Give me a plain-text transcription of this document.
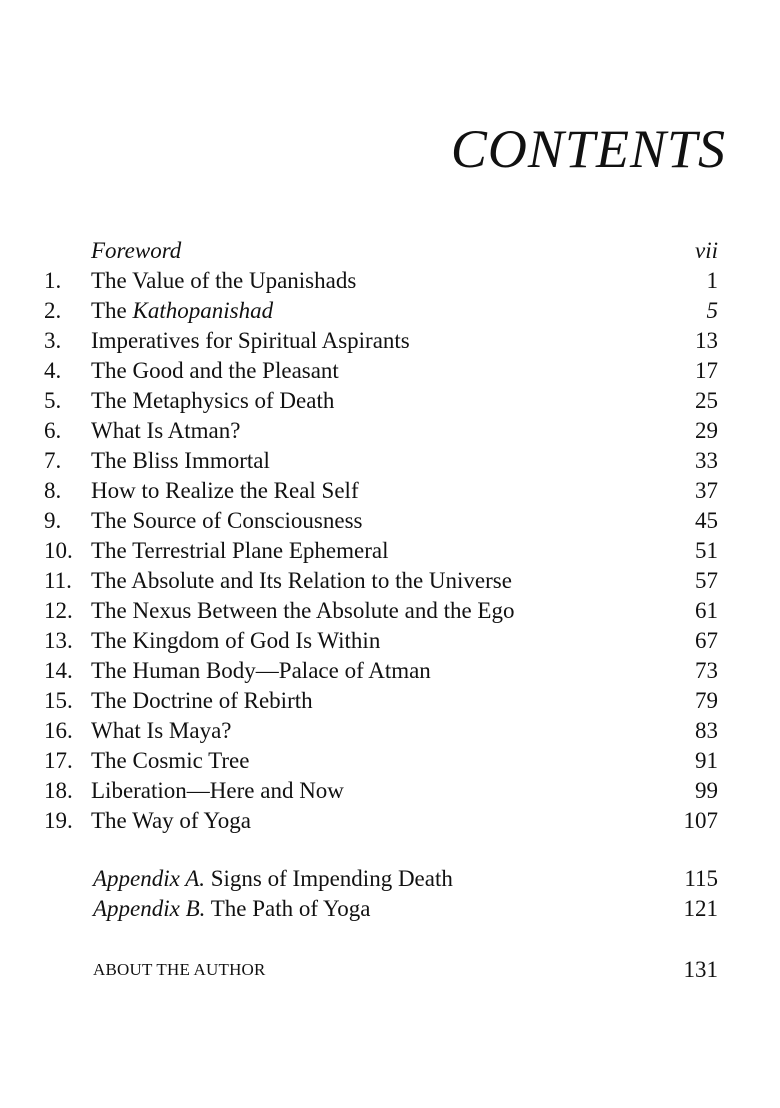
CONTENTS
Foreword	vii
1.	The Value of the Upanishads	1
2.	The Kathopanishad	5
3.	Imperatives for Spiritual Aspirants	13
4.	The Good and the Pleasant	17
5.	The Metaphysics of Death	25
6.	What Is Atman?	29
7.	The Bliss Immortal	33
8.	How to Realize the Real Self	37
9.	The Source of Consciousness	45
10. The Terrestrial Plane Ephemeral	51
11. The Absolute and Its Relation to the Universe	57
12. The Nexus Between the Absolute and the Ego	61
13. The Kingdom of God Is Within	67
14. The Human Body—Palace of Atman	73
15. The Doctrine of Rebirth	79
16. What Is Maya?	83
17. The Cosmic Tree	91
18. Liberation—Here and Now	99
19. The Way of Yoga	107
Appendix A. Signs of Impending Death	115
Appendix B. The Path of Yoga	121
ABOUT THE AUTHOR	131
